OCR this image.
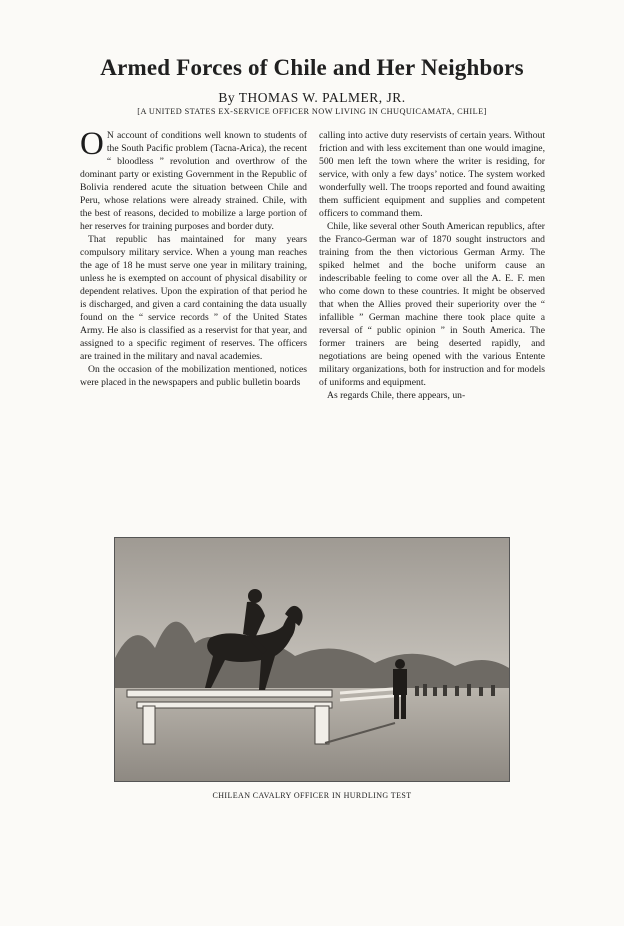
Armed Forces of Chile and Her Neighbors
By THOMAS W. PALMER, JR.
[A UNITED STATES EX-SERVICE OFFICER NOW LIVING IN CHUQUICAMATA, CHILE]

O N account of conditions well known to students of the South Pacific problem (Tacna-Arica), the recent “ bloodless ” revolution and overthrow of the dominant party or existing Government in the Republic of Bolivia rendered acute the situation between Chile and Peru, whose relations were already strained. Chile, with the best of reasons, decided to mobilize a large portion of her reserves for training purposes and border duty.

That republic has maintained for many years compulsory military service. When a young man reaches the age of 18 he must serve one year in military training, unless he is exempted on account of physical disability or dependent relatives. Upon the expiration of that period he is discharged, and given a card containing the data usually found on the “ service records ” of the United States Army. He also is classified as a reservist for that year, and assigned to a specific regiment of reserves. The officers are trained in the military and naval academies.

On the occasion of the mobilization mentioned, notices were placed in the newspapers and public bulletin boards

calling into active duty reservists of certain years. Without friction and with less excitement than one would imagine, 500 men left the town where the writer is residing, for service, with only a few days’ notice. The system worked wonderfully well. The troops reported and found awaiting them sufficient equipment and supplies and competent officers to command them.

Chile, like several other South American republics, after the Franco-German war of 1870 sought instructors and training from the then victorious German Army. The spiked helmet and the boche uniform cause an indescribable feeling to come over all the A. E. F. men who come down to these countries. It might be observed that when the Allies proved their superiority over the “ infallible ” German machine there took place quite a reversal of “ public opinion ” in South America. The former trainers are being deserted rapidly, and negotiations are being opened with the various Entente military organizations, both for instruction and for models of uniforms and equipment.

As regards Chile, there appears, un-

CHILEAN CAVALRY OFFICER IN HURDLING TEST
